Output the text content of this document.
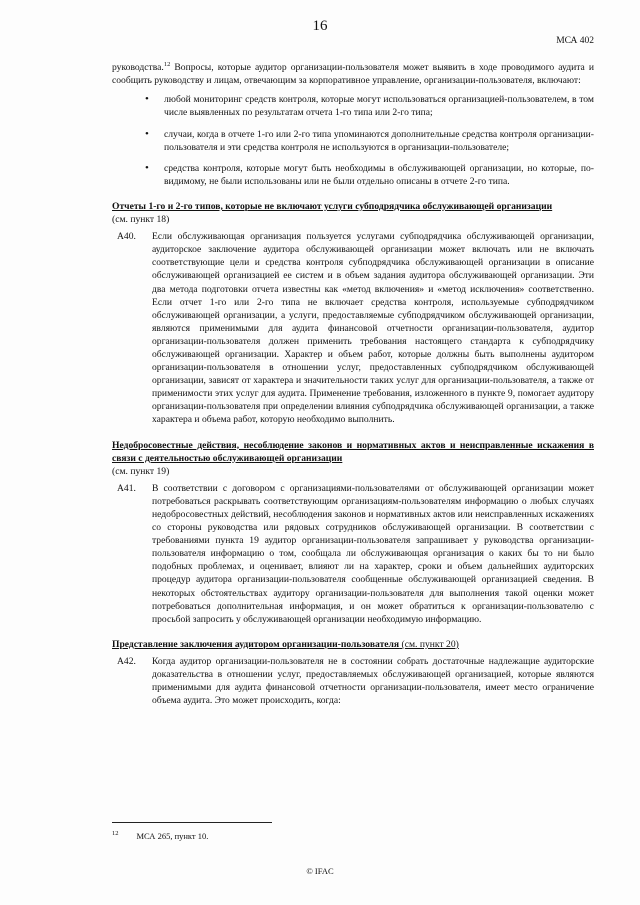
16
МСА 402

руководства.$^{12}$ Вопросы, которые аудитор организации-пользователя может выявить в ходе проводимого аудита и сообщить руководству и лицам, отвечающим за корпоративное управление, организации-пользователя, включают:

• любой мониторинг средств контроля, которые могут использоваться организацией-пользователем, в том числе выявленных по результатам отчета 1-го типа или 2-го типа;
• случаи, когда в отчете 1-го или 2-го типа упоминаются дополнительные средства контроля организации-пользователя и эти средства контроля не используются в организации-пользователе;
• средства контроля, которые могут быть необходимы в обслуживающей организации, но которые, по-видимому, не были использованы или не были отдельно описаны в отчете 2-го типа.

Отчеты 1-го и 2-го типов, которые не включают услуги субподрядчика обслуживающей организации

(см. пункт 18)

А40. Если обслуживающая организация пользуется услугами субподрядчика обслуживающей организации, аудиторское заключение аудитора обслуживающей организации может включать или не включать соответствующие цели и средства контроля субподрядчика обслуживающей организации в описание обслуживающей организацией ее систем и в объем задания аудитора обслуживающей организации. Эти два метода подготовки отчета известны как «метод включения» и «метод исключения» соответственно. Если отчет 1-го или 2-го типа не включает средства контроля, используемые субподрядчиком обслуживающей организации, а услуги, предоставляемые субподрядчиком обслуживающей организации, являются применимыми для аудита финансовой отчетности организации-пользователя, аудитор организации-пользователя должен применить требования настоящего стандарта к субподрядчику обслуживающей организации. Характер и объем работ, которые должны быть выполнены аудитором организации-пользователя в отношении услуг, предоставленных субподрядчиком обслуживающей организации, зависят от характера и значительности таких услуг для организации-пользователя, а также от применимости этих услуг для аудита. Применение требования, изложенного в пункте 9, помогает аудитору организации-пользователя при определении влияния субподрядчика обслуживающей организации, а также характера и объема работ, которую необходимо выполнить.

Недобросовестные действия, несоблюдение законов и нормативных актов и неисправленные искажения в связи с деятельностью обслуживающей организации

(см. пункт 19)

А41. В соответствии с договором с организациями-пользователями от обслуживающей организации может потребоваться раскрывать соответствующим организациям-пользователям информацию о любых случаях недобросовестных действий, несоблюдения законов и нормативных актов или неисправленных искажениях со стороны руководства или рядовых сотрудников обслуживающей организации. В соответствии с требованиями пункта 19 аудитор организации-пользователя запрашивает у руководства организации-пользователя информацию о том, сообщала ли обслуживающая организация о каких бы то ни было подобных проблемах, и оценивает, влияют ли на характер, сроки и объем дальнейших аудиторских процедур аудитора организации-пользователя сообщенные обслуживающей организацией сведения. В некоторых обстоятельствах аудитору организации-пользователя для выполнения такой оценки может потребоваться дополнительная информация, и он может обратиться к организации-пользователю с просьбой запросить у обслуживающей организации необходимую информацию.

Представление заключения аудитором организации-пользователя (см. пункт 20)

А42. Когда аудитор организации-пользователя не в состоянии собрать достаточные надлежащие аудиторские доказательства в отношении услуг, предоставляемых обслуживающей организацией, которые являются применимыми для аудита финансовой отчетности организации-пользователя, имеет место ограничение объема аудита. Это может происходить, когда:
$^{12}$ МСА 265, пункт 10.
© IFAC
